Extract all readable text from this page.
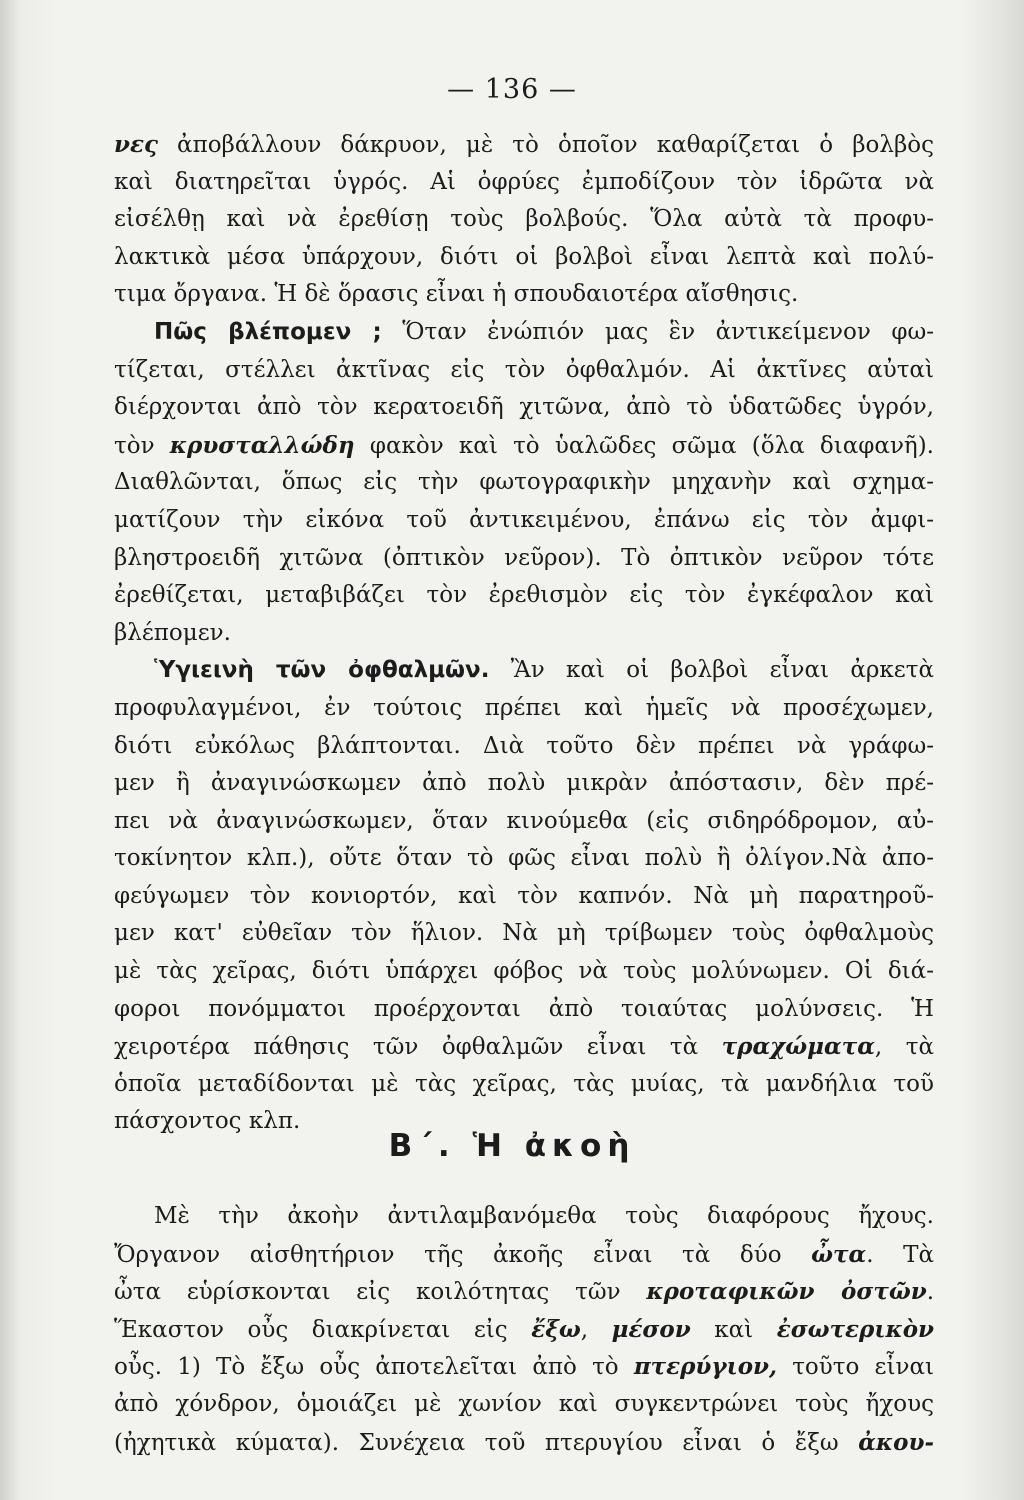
— 136 —
νες ἀποβάλλουν δάκρυον, μὲ τὸ ὁποῖον καθαρίζεται ὁ βολβὸς
καὶ διατηρεῖται ὑγρός. Αἱ ὀφρύες ἐμποδίζουν τὸν ἱδρῶτα νὰ
εἰσέλθῃ καὶ νὰ ἐρεθίσῃ τοὺς βολβούς. Ὅλα αὐτὰ τὰ προφυ-
λακτικὰ μέσα ὑπάρχουν, διότι οἱ βολβοὶ εἶναι λεπτὰ καὶ πολύ-
τιμα ὄργανα. Ἡ δὲ ὅρασις εἶναι ἡ σπουδαιοτέρα αἴσθησις.
Πῶς βλέπομεν ; Ὅταν ἐνώπιόν μας ἓν ἀντικείμενον φω-
τίζεται, στέλλει ἀκτῖνας εἰς τὸν ὀφθαλμόν. Αἱ ἀκτῖνες αὐταὶ
διέρχονται ἀπὸ τὸν κερατοειδῆ χιτῶνα, ἀπὸ τὸ ὑδατῶδες ὑγρόν,
τὸν κρυσταλλώδη φακὸν καὶ τὸ ὑαλῶδες σῶμα (ὅλα διαφανῆ).
Διαθλῶνται, ὅπως εἰς τὴν φωτογραφικὴν μηχανὴν καὶ σχημα-
ματίζουν τὴν εἰκόνα τοῦ ἀντικειμένου, ἐπάνω εἰς τὸν ἀμφι-
βληστροειδῆ χιτῶνα (ὀπτικὸν νεῦρον). Τὸ ὀπτικὸν νεῦρον τότε
ἐρεθίζεται, μεταβιβάζει τὸν ἐρεθισμὸν εἰς τὸν ἐγκέφαλον καὶ
βλέπομεν.
Ὑγιεινὴ τῶν ὀφθαλμῶν. Ἂν καὶ οἱ βολβοὶ εἶναι ἀρκετὰ
προφυλαγμένοι, ἐν τούτοις πρέπει καὶ ἡμεῖς νὰ προσέχωμεν,
διότι εὐκόλως βλάπτονται. Διὰ τοῦτο δὲν πρέπει νὰ γράφω-
μεν ἢ ἀναγινώσκωμεν ἀπὸ πολὺ μικρὰν ἀπόστασιν, δὲν πρέ-
πει νὰ ἀναγινώσκωμεν, ὅταν κινούμεθα (εἰς σιδηρόδρομον, αὐ-
τοκίνητον κλπ.), οὔτε ὅταν τὸ φῶς εἶναι πολὺ ἢ ὀλίγον.Νὰ ἀπο-
φεύγωμεν τὸν κονιορτόν, καὶ τὸν καπνόν. Νὰ μὴ παρατηροῦ-
μεν κατ' εὐθεῖαν τὸν ἥλιον. Νὰ μὴ τρίβωμεν τοὺς ὀφθαλμοὺς
μὲ τὰς χεῖρας, διότι ὑπάρχει φόβος νὰ τοὺς μολύνωμεν. Οἱ διά-
φοροι πονόμματοι προέρχονται ἀπὸ τοιαύτας μολύνσεις. Ἡ
χειροτέρα πάθησις τῶν ὀφθαλμῶν εἶναι τὰ τραχώματα, τὰ
ὁποῖα μεταδίδονται μὲ τὰς χεῖρας, τὰς μυίας, τὰ μανδήλια τοῦ
πάσχοντος κλπ.
Β΄. Ἡ ἀκοὴ
Μὲ τὴν ἀκοὴν ἀντιλαμβανόμεθα τοὺς διαφόρους ἤχους.
Ὄργανον αἰσθητήριον τῆς ἀκοῆς εἶναι τὰ δύο ὦτα. Τὰ
ὦτα εὑρίσκονται εἰς κοιλότητας τῶν κροταφικῶν ὀστῶν.
Ἕκαστον οὖς διακρίνεται εἰς ἔξω, μέσον καὶ ἐσωτερικὸν
οὖς. 1) Τὸ ἔξω οὖς ἀποτελεῖται ἀπὸ τὸ πτερύγιον, τοῦτο εἶναι
ἀπὸ χόνδρον, ὁμοιάζει μὲ χωνίον καὶ συγκεντρώνει τοὺς ἤχους
(ἠχητικὰ κύματα). Συνέχεια τοῦ πτερυγίου εἶναι ὁ ἔξω ἀκου-
